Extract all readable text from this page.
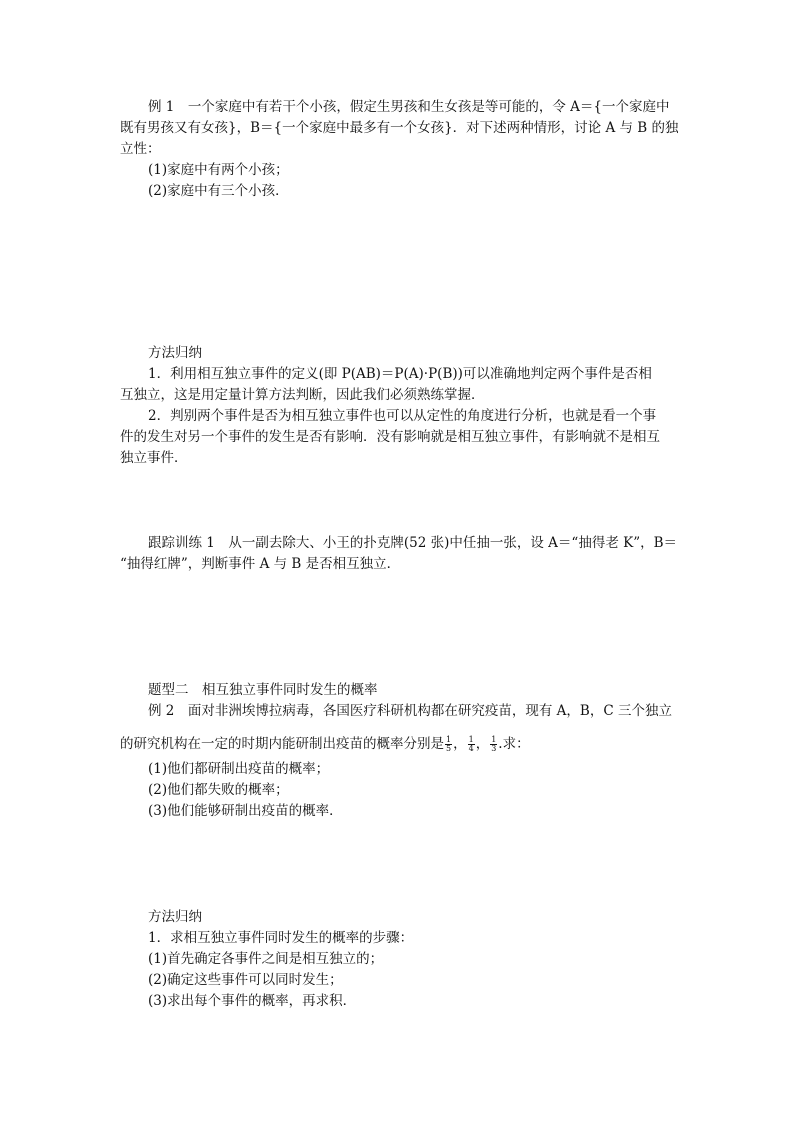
例 1　一个家庭中有若干个小孩，假定生男孩和生女孩是等可能的，令 A＝{一个家庭中
既有男孩又有女孩}，B＝{一个家庭中最多有一个女孩}．对下述两种情形，讨论 A 与 B 的独
立性：
(1)家庭中有两个小孩；
(2)家庭中有三个小孩．
方法归纳
1．利用相互独立事件的定义(即 P(AB)＝P(A)·P(B))可以准确地判定两个事件是否相
互独立，这是用定量计算方法判断，因此我们必须熟练掌握．
2．判别两个事件是否为相互独立事件也可以从定性的角度进行分析，也就是看一个事
件的发生对另一个事件的发生是否有影响．没有影响就是相互独立事件，有影响就不是相互
独立事件．
跟踪训练 1　从一副去除大、小王的扑克牌(52 张)中任抽一张，设 A＝“抽得老 K”，B＝
“抽得红牌”，判断事件 A 与 B 是否相互独立．
题型二　相互独立事件同时发生的概率
例 2　面对非洲埃博拉病毒，各国医疗科研机构都在研究疫苗，现有 A，B，C 三个独立
的研究机构在一定的时期内能研制出疫苗的概率分别是 $\frac{1}{5}$ ， $\frac{1}{4}$ ， $\frac{1}{3}$ .求：
(1)他们都研制出疫苗的概率；
(2)他们都失败的概率；
(3)他们能够研制出疫苗的概率．
方法归纳
1．求相互独立事件同时发生的概率的步骤：
(1)首先确定各事件之间是相互独立的；
(2)确定这些事件可以同时发生；
(3)求出每个事件的概率，再求积．
